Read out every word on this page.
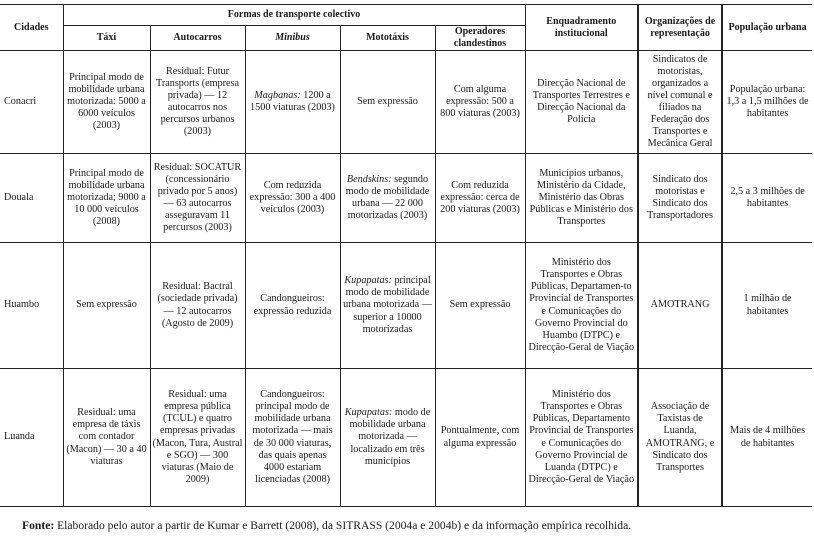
Cidades	Formas de transporte colectivo					Enquadramento institucional	Organizações de representação	População urbana
	Táxi	Autocarros	Minibus	Mototáxis	Operadores clandestinos			
Conacri	Principal modo de mobilidade urbana motorizada: 5000 a 6000 veículos (2003)	Residual: Futur Transports (empresa privada) — 12 autocarros nos percursos urbanos (2003)	Magbanas: 1200 a 1500 viaturas (2003)	Sem expressão	Com alguma expressão: 500 a 800 viaturas (2003)	Direcção Nacional de Transportes Terrestres e Direcção Nacional da Polícia	Sindicatos de motoristas, organizados a nível comunal e filiados na Federação dos Transportes e Mecânica Geral	População urbana: 1,3 a 1,5 milhões de habitantes
Douala	Principal modo de mobilidade urbana motorizada; 9000 a 10 000 veículos (2008)	Residual: SOCATUR (concessionário privado por 5 anos) — 63 autocarros asseguravam 11 percursos (2003)	Com reduzida expressão: 300 a 400 veículos (2003)	Bendskins: segundo modo de mobilidade urbana — 22 000 motorizadas (2003)	Com reduzida expressão: cerca de 200 viaturas (2003)	Municípios urbanos, Ministério da Cidade, Ministério das Obras Públicas e Ministério dos Transportes	Sindicato dos motoristas e Sindicato dos Transportadores	2,5 a 3 milhões de habitantes
Huambo	Sem expressão	Residual: Bactral (sociedade privada) — 12 autocarros (Agosto de 2009)	Candongueiros: expressão reduzida	Kupapatas: principal modo de mobilidade urbana motorizada — superior a 10000 motorizadas	Sem expressão	Ministério dos Transportes e Obras Públicas, Departamen-to Provincial de Transportes e Comunicações do Governo Provincial do Huambo (DTPC) e Direcção-Geral de Viação	AMOTRANG	1 milhão de habitantes
Luanda	Residual: uma empresa de táxis com contador (Macon) — 30 a 40 viaturas	Residual: uma empresa pública (TCUL) e quatro empresas privadas (Macon, Tura, Austral e SGO) — 300 viaturas (Maio de 2009)	Candongueiros: principal modo de mobilidade urbana motorizada — mais de 30 000 viaturas, das quais apenas 4000 estariam licenciadas (2008)	Kupapatas: modo de mobilidade urbana motorizada — localizado em três municípios	Pontualmente, com alguma expressão	Ministério dos Transportes e Obras Públicas, Departamento Provincial de Transportes e Comunicações do Governo Provincial de Luanda (DTPC) e Direcção-Geral de Viação	Associação de Taxistas de Luanda, AMOTRANG, e Sindicato dos Transportes	Mais de 4 milhões de habitantes
Fonte: Elaborado pelo autor a partir de Kumar e Barrett (2008), da SITRASS (2004a e 2004b) e da informação empírica recolhida.
